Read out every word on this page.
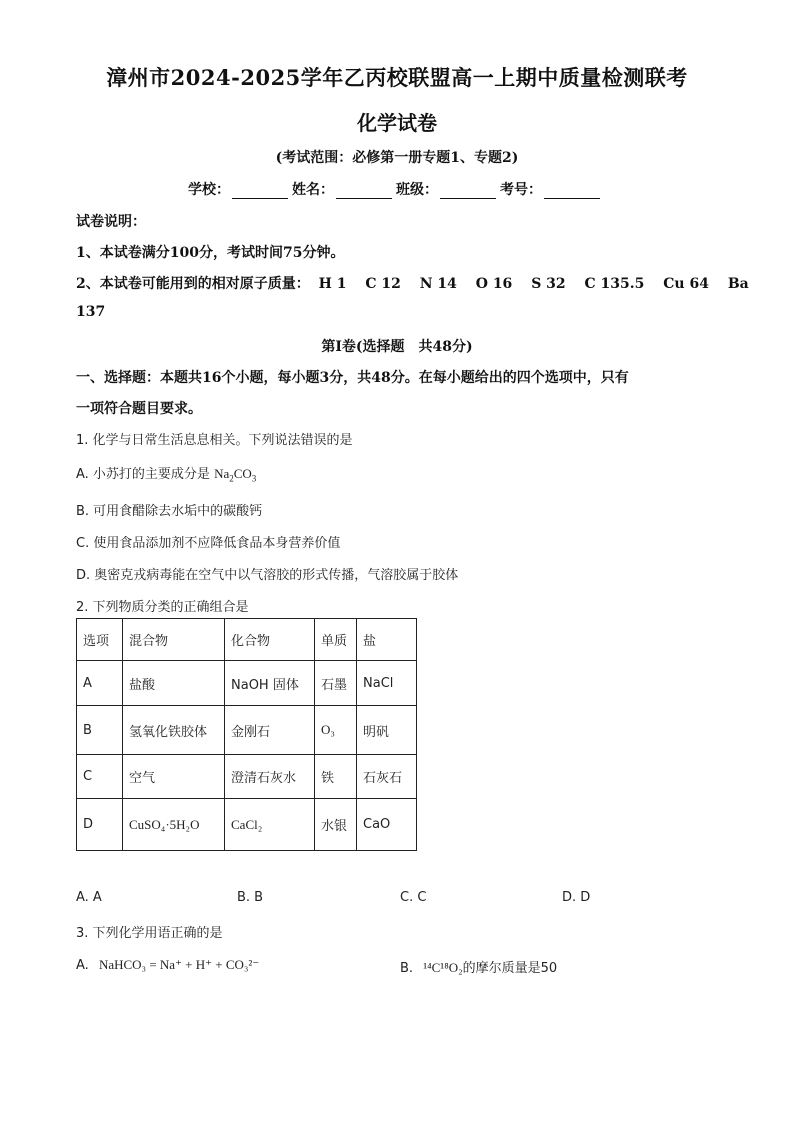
漳州市2024-2025学年乙丙校联盟高一上期中质量检测联考
化学试卷
(考试范围：必修第一册专题1、专题2)
学校：	姓名：	班级：	考号：
试卷说明：
1、本试卷满分100分，考试时间75分钟。
2、本试卷可能用到的相对原子质量： H 1 C 12 N 14 O 16 S 32 C 135.5 Cu 64 Ba
137
第Ⅰ卷(选择题　共48分)
一、选择题：本题共16个小题，每小题3分，共48分。在每小题给出的四个选项中，只有
一项符合题目要求。
1. 化学与日常生活息息相关。下列说法错误的是
A. 小苏打的主要成分是 $Na_2CO_3$
B. 可用食醋除去水垢中的碳酸钙
C. 使用食品添加剂不应降低食品本身营养价值
D. 奥密克戎病毒能在空气中以气溶胶的形式传播，气溶胶属于胶体
2. 下列物质分类的正确组合是
选项	混合物	化合物	单质	盐
A	盐酸	NaOH 固体	石墨	NaCl
B	氢氧化铁胶体	金刚石	O₃	明矾
C	空气	澄清石灰水	铁	石灰石
D	CuSO₄·5H₂O	CaCl₂	水银	CaO
A. A	B. B	C. C	D. D
3. 下列化学用语正确的是
A. NaHCO₃ = Na⁺ + H⁺ + CO₃²⁻	B. ¹⁴C¹⁸O₂的摩尔质量是50
